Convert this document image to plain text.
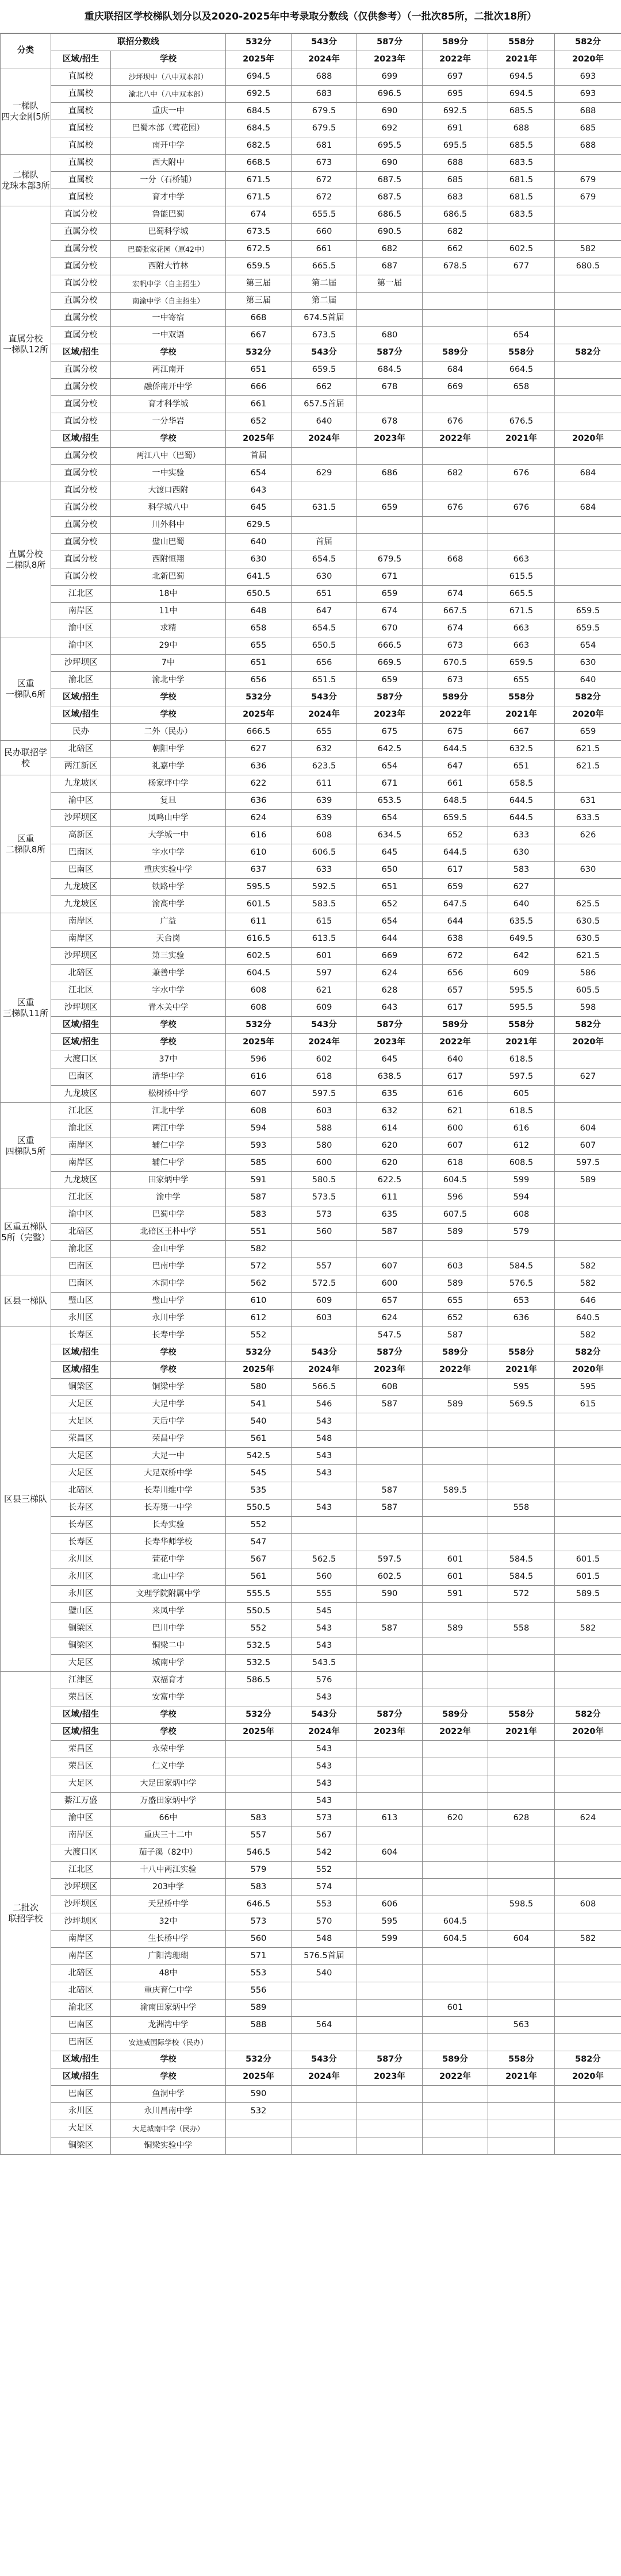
重庆联招区学校梯队划分以及2020-2025年中考录取分数线（仅供参考）（一批次85所，二批次18所）
分类	联招分数线		532分	543分	587分	589分	558分	582分
	区域/招生	学校	2025年	2024年	2023年	2022年	2021年	2020年
一梯队
四大金刚5所	直属校	沙坪坝中（八中双本部）	694.5	688	699	697	694.5	693
	直属校	渝北八中（八中双本部）	692.5	683	696.5	695	694.5	693
	直属校	重庆一中	684.5	679.5	690	692.5	685.5	688
	直属校	巴蜀本部（莺花园）	684.5	679.5	692	691	688	685
	直属校	南开中学	682.5	681	695.5	695.5	685.5	688
二梯队
龙珠本部3所	直属校	西大附中	668.5	673	690	688	683.5	
	直属校	一分（石桥铺）	671.5	672	687.5	685	681.5	679
	直属校	育才中学	671.5	672	687.5	683	681.5	679
直属分校
一梯队12所	直属分校	鲁能巴蜀	674	655.5	686.5	686.5	683.5	
	直属分校	巴蜀科学城	673.5	660	690.5	682		
	直属分校	巴蜀张家花园（原42中）	672.5	661	682	662	602.5	582
	直属分校	西附大竹林	659.5	665.5	687	678.5	677	680.5
	直属分校	宏帆中学（自主招生）	第三届	第二届	第一届			
	直属分校	南渝中学（自主招生）	第三届	第二届				
	直属分校	一中寄宿	668	674.5首届				
	直属分校	一中双语	667	673.5	680		654	
	区域/招生	学校	532分	543分	587分	589分	558分	582分
	直属分校	两江南开	651	659.5	684.5	684	664.5	
	直属分校	融侨南开中学	666	662	678	669	658	
	直属分校	育才科学城	661	657.5首届				
	直属分校	一分华岩	652	640	678	676	676.5	
	区域/招生	学校	2025年	2024年	2023年	2022年	2021年	2020年
	直属分校	两江八中（巴蜀）	首届					
	直属分校	一中实验	654	629	686	682	676	684
直属分校
二梯队8所	直属分校	大渡口西附	643					
	直属分校	科学城八中	645	631.5	659	676	676	684
	直属分校	川外科中	629.5					
	直属分校	璧山巴蜀	640	首届				
	直属分校	西附恒翔	630	654.5	679.5	668	663	
	直属分校	北新巴蜀	641.5	630	671		615.5	
	江北区	18中	650.5	651	659	674	665.5	
	南岸区	11中	648	647	674	667.5	671.5	659.5
	渝中区	求精	658	654.5	670	674	663	659.5
区重
一梯队6所	渝中区	29中	655	650.5	666.5	673	663	654
	沙坪坝区	7中	651	656	669.5	670.5	659.5	630
	渝北区	渝北中学	656	651.5	659	673	655	640
	区域/招生	学校	532分	543分	587分	589分	558分	582分
	区域/招生	学校	2025年	2024年	2023年	2022年	2021年	2020年
	民办	二外（民办）	666.5	655	675	675	667	659
民办联招学校	北碚区	朝阳中学	627	632	642.5	644.5	632.5	621.5
	两江新区	礼嘉中学	636	623.5	654	647	651	621.5
区重
二梯队8所	九龙坡区	杨家坪中学	622	611	671	661	658.5	
	渝中区	复旦	636	639	653.5	648.5	644.5	631
	沙坪坝区	凤鸣山中学	624	639	654	659.5	644.5	633.5
	高新区	大学城一中	616	608	634.5	652	633	626
	巴南区	字水中学	610	606.5	645	644.5	630	
	巴南区	重庆实验中学	637	633	650	617	583	630
	九龙坡区	铁路中学	595.5	592.5	651	659	627	
	九龙坡区	渝高中学	601.5	583.5	652	647.5	640	625.5
区重
三梯队11所	南岸区	广益	611	615	654	644	635.5	630.5
	南岸区	天台岗	616.5	613.5	644	638	649.5	630.5
	沙坪坝区	第三实验	602.5	601	669	672	642	621.5
	北碚区	兼善中学	604.5	597	624	656	609	586
	江北区	字水中学	608	621	628	657	595.5	605.5
	沙坪坝区	青木关中学	608	609	643	617	595.5	598
	区域/招生	学校	532分	543分	587分	589分	558分	582分
	区域/招生	学校	2025年	2024年	2023年	2022年	2021年	2020年
	大渡口区	37中	596	602	645	640	618.5	
	巴南区	清华中学	616	618	638.5	617	597.5	627
	九龙坡区	松树桥中学	607	597.5	635	616	605	
区重
四梯队5所	江北区	江北中学	608	603	632	621	618.5	
	渝北区	两江中学	594	588	614	600	616	604
	南岸区	辅仁中学	593	580	620	607	612	607
	南岸区	辅仁中学	585	600	620	618	608.5	597.5
	九龙坡区	田家炳中学	591	580.5	622.5	604.5	599	589
区重五梯队
5所（完整）	江北区	渝中学	587	573.5	611	596	594	
	渝中区	巴蜀中学	583	573	635	607.5	608	
	北碚区	北碚区王朴中学	551	560	587	589	579	
	渝北区	金山中学	582					
	巴南区	巴南中学	572	557	607	603	584.5	582
区县一梯队	巴南区	木洞中学	562	572.5	600	589	576.5	582
	璧山区	璧山中学	610	609	657	655	653	646
	永川区	永川中学	612	603	624	652	636	640.5
区县三梯队	长寿区	长寿中学	552		547.5	587		582
	区域/招生	学校	532分	543分	587分	589分	558分	582分
	区域/招生	学校	2025年	2024年	2023年	2022年	2021年	2020年
	铜梁区	铜梁中学	580	566.5	608		595	595
	大足区	大足中学	541	546	587	589	569.5	615
	大足区	天后中学	540	543				
	荣昌区	荣昌中学	561	548				
	大足区	大足一中	542.5	543				
	大足区	大足双桥中学	545	543				
	北碚区	长寿川维中学	535		587	589.5		
	长寿区	长寿第一中学	550.5	543	587		558	
	长寿区	长寿实验	552					
	长寿区	长寿华师学校	547					
	永川区	萱花中学	567	562.5	597.5	601	584.5	601.5
	永川区	北山中学	561	560	602.5	601	584.5	601.5
	永川区	文理学院附属中学	555.5	555	590	591	572	589.5
	璧山区	来凤中学	550.5	545				
	铜梁区	巴川中学	552	543	587	589	558	582
	铜梁区	铜梁二中	532.5	543				
	大足区	城南中学	532.5	543.5				
二批次
联招学校	江津区	双福育才	586.5	576				
	荣昌区	安富中学		543				
	区域/招生	学校	532分	543分	587分	589分	558分	582分
	区域/招生	学校	2025年	2024年	2023年	2022年	2021年	2020年
	荣昌区	永荣中学		543				
	荣昌区	仁义中学		543				
	大足区	大足田家炳中学		543				
	綦江万盛	万盛田家炳中学		543				
	渝中区	66中	583	573	613	620	628	624
	南岸区	重庆三十二中	557	567				
	大渡口区	茄子溪（82中）	546.5	542	604			
	江北区	十八中两江实验	579	552				
	沙坪坝区	203中学	583	574				
	沙坪坝区	天星桥中学	646.5	553	606		598.5	608
	沙坪坝区	32中	573	570	595	604.5		
	南岸区	生长桥中学	560	548	599	604.5	604	582
	南岸区	广阳湾珊瑚	571	576.5首届				
	北碚区	48中	553	540				
	北碚区	重庆育仁中学	556					
	渝北区	渝南田家炳中学	589			601		
	巴南区	龙洲湾中学	588	564			563	
	巴南区	安迪威国际学校（民办）						
	区域/招生	学校	532分	543分	587分	589分	558分	582分
	区域/招生	学校	2025年	2024年	2023年	2022年	2021年	2020年
	巴南区	鱼洞中学	590					
	永川区	永川昌南中学	532					
	大足区	大足城南中学（民办）						
	铜梁区	铜梁实验中学						
